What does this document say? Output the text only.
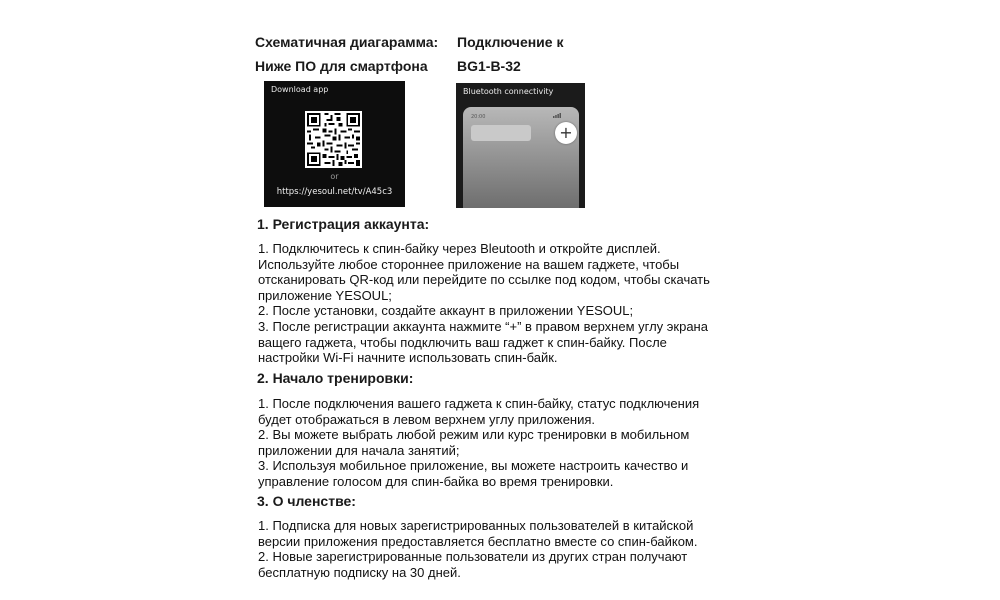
Схематичная диагарамма:
Ниже ПО для смартфона
Подключение к
BG1-B-32
Download app
or
https://yesoul.net/tv/A45c3
Bluetooth connectivity
20:00
+
1. Регистрация аккаунта:
1. Подключитесь к спин-байку через Bleutooth и откройте дисплей.
Используйте любое стороннее приложение на вашем гаджете, чтобы
отсканировать QR-код или перейдите по ссылке под кодом, чтобы скачать
приложение YESOUL;
2. После установки, создайте аккаунт в приложении YESOUL;
3. После регистрации аккаунта нажмите “+” в правом верхнем углу экрана
ващего гаджета, чтобы подключить ваш гаджет к спин-байку. После
настройки Wi-Fi начните использовать спин-байк.
2. Начало тренировки:
1. После подключения вашего гаджета к спин-байку, статус подключения
будет отображаться в левом верхнем углу приложения.
2. Вы можете выбрать любой режим или курс тренировки в мобильном
приложении для начала занятий;
3. Используя мобильное приложение, вы можете настроить качество и
управление голосом для спин-байка во время тренировки.
3. О членстве:
1. Подписка для новых зарегистрированных пользователей в китайской
версии приложения предоставляется бесплатно вместе со спин-байком.
2. Новые зарегистрированные пользователи из других стран получают
бесплатную подписку на 30 дней.
